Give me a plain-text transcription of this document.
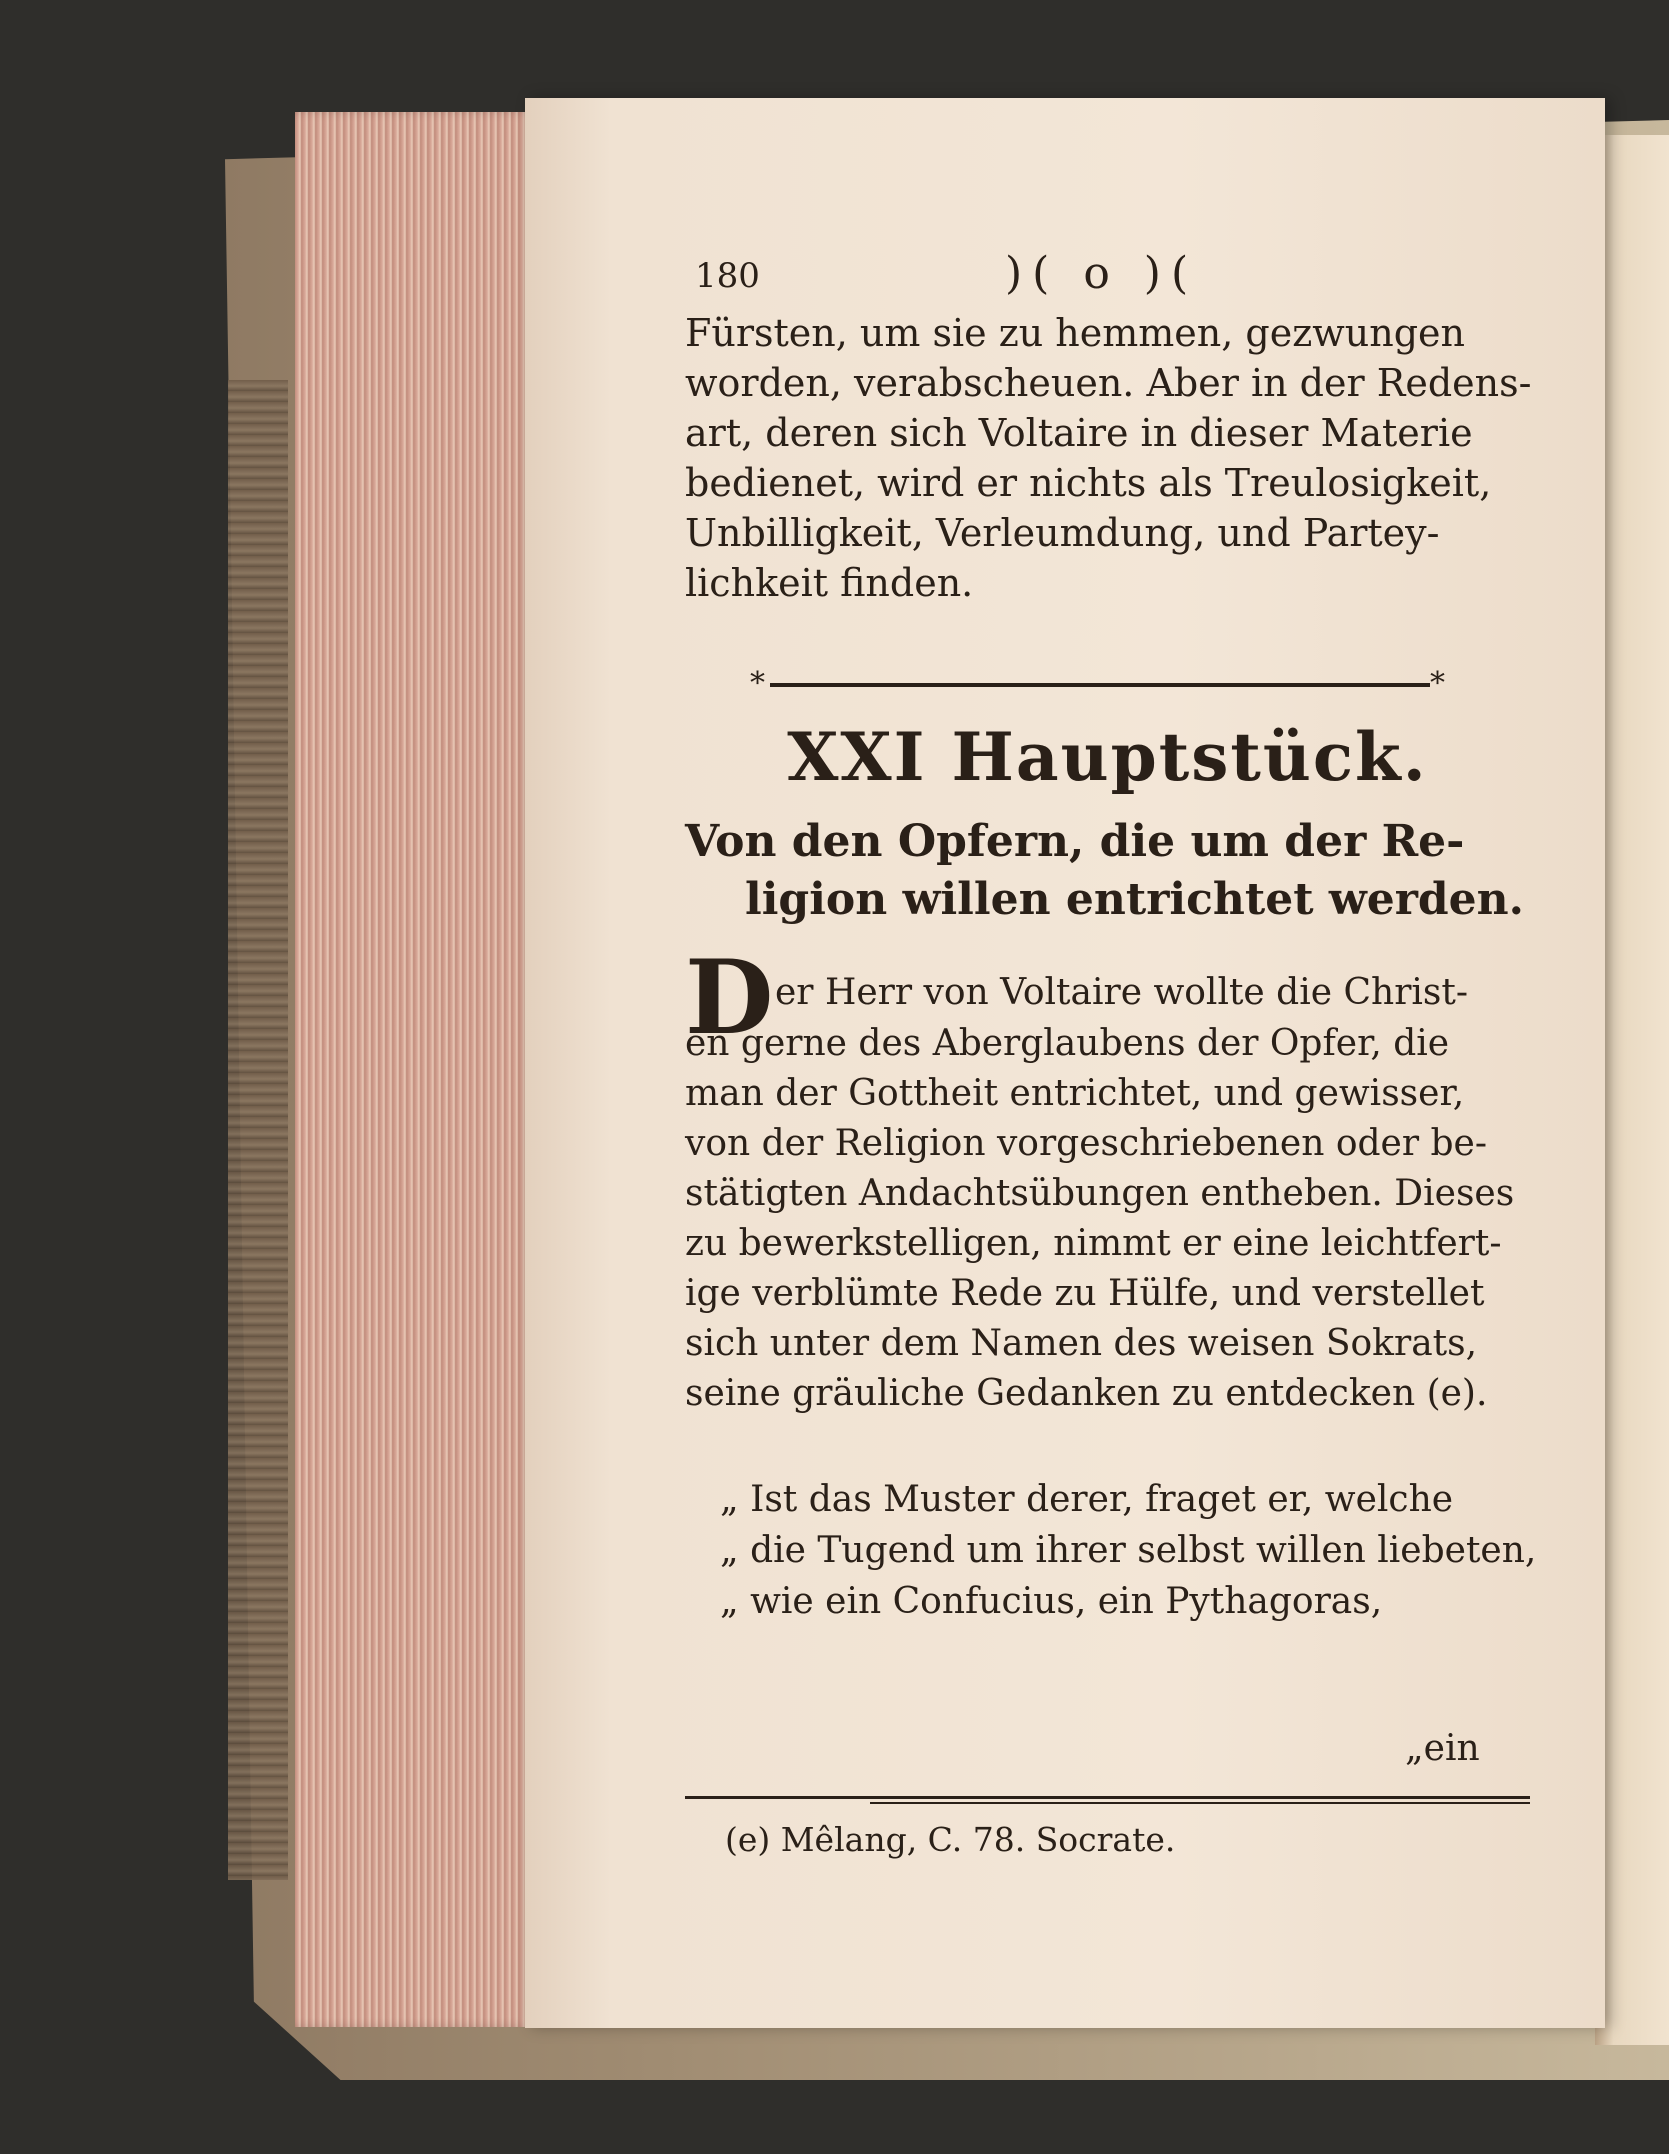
180	)( o )(
Fürsten, um sie zu hemmen, gezwungen
worden, verabscheuen. Aber in der Redens-
art, deren sich Voltaire in dieser Materie
bedienet, wird er nichts als Treulosigkeit,
Unbilligkeit, Verleumdung, und Partey-
lichkeit finden.
*	*
XXI Hauptstück.
Von den Opfern, die um der Re-
ligion willen entrichtet werden.
D er Herr von Voltaire wollte die Christ-
en gerne des Aberglaubens der Opfer, die
man der Gottheit entrichtet, und gewisser,
von der Religion vorgeschriebenen oder be-
stätigten Andachtsübungen entheben. Dieses
zu bewerkstelligen, nimmt er eine leichtfert-
ige verblümte Rede zu Hülfe, und verstellet
sich unter dem Namen des weisen Sokrats,
seine gräuliche Gedanken zu entdecken (e).
„ Ist das Muster derer, fraget er, welche
„ die Tugend um ihrer selbst willen liebeten,
„ wie ein Confucius, ein Pythagoras,
„ein
(e) Mêlang, C. 78. Socrate.
